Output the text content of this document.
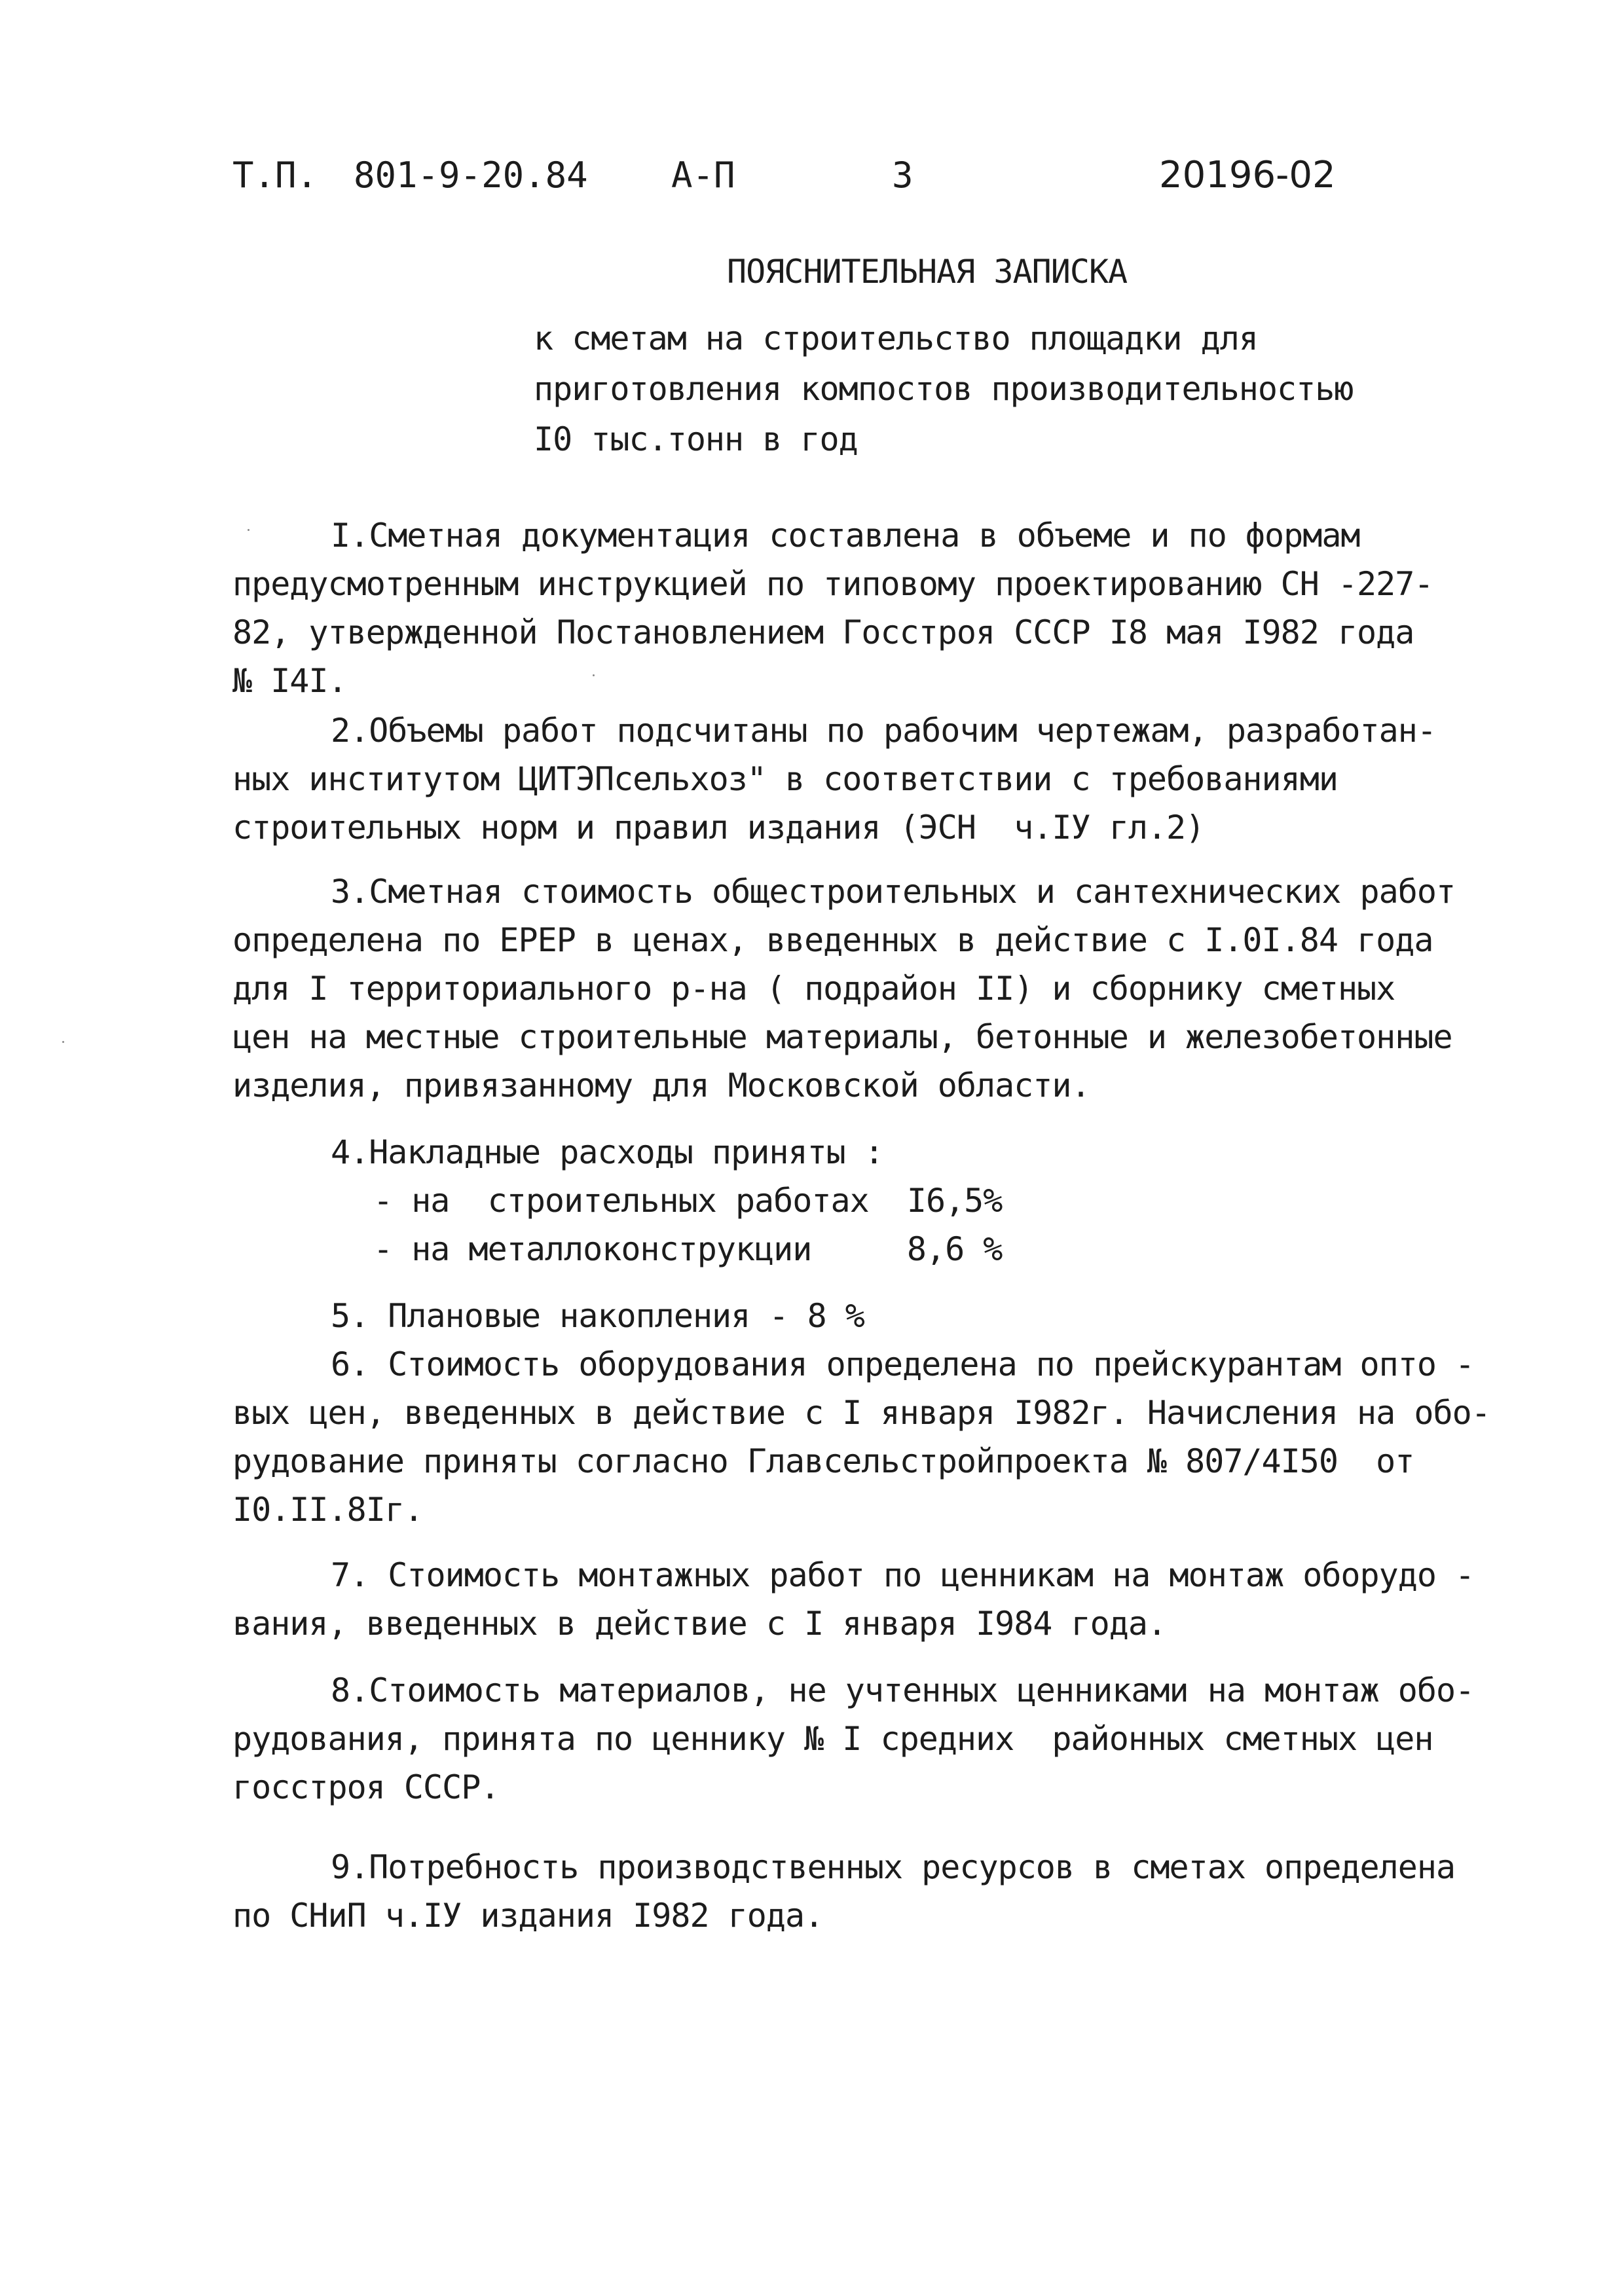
Т.П. 801-9-20.84 А-П	3	20196-02
ПОЯСНИТЕЛЬНАЯ ЗАПИСКА
к сметам на строительство площадки для
приготовления компостов производительностью
I0 тыс.тонн в год
I.Сметная документация составлена в объеме и по формам
предусмотренным инструкцией по типовому проектированию СН -227-
82, утвержденной Постановлением Госстроя СССР I8 мая I982 года
№ I4I.
2.Объемы работ подсчитаны по рабочим чертежам, разработан-
ных институтом ЦИТЭПсельхоз" в соответствии с требованиями
строительных норм и правил издания (ЭСН  ч.IУ гл.2)
3.Сметная стоимость общестроительных и сантехнических работ
определена по ЕРЕР в ценах, введенных в действие с I.0I.84 года
для I территориального р-на ( подрайон II) и сборнику сметных
цен на местные строительные материалы, бетонные и железобетонные
изделия, привязанному для Московской области.
4.Накладные расходы приняты :
- на  строительных работах  I6,5%
- на металлоконструкции     8,6 %
5. Плановые накопления - 8 %
6. Стоимость оборудования определена по прейскурантам опто -
вых цен, введенных в действие с I января I982г. Начисления на обо-
рудование приняты согласно Главсельстройпроекта № 807/4I50  от
I0.II.8Iг.
7. Стоимость монтажных работ по ценникам на монтаж оборудо -
вания, введенных в действие с I января I984 года.
8.Стоимость материалов, не учтенных ценниками на монтаж обо-
рудования, принята по ценнику № I средних  районных сметных цен
госстроя СССР.
9.Потребность производственных ресурсов в сметах определена
по СНиП ч.IУ издания I982 года.
